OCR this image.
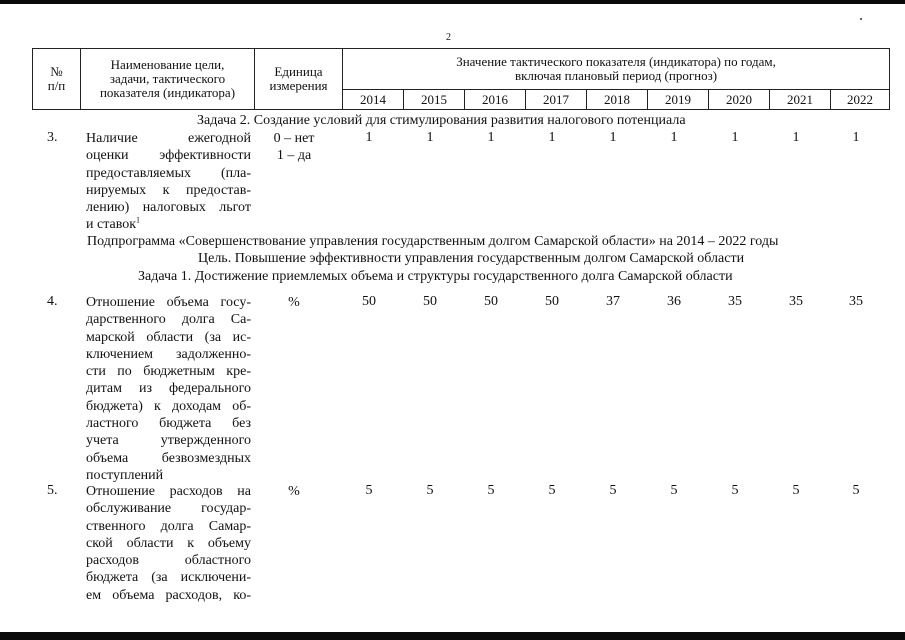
2
№
п/п	Наименование цели, задачи, тактического показателя (индикатора)	Единица измерения	Значение тактического показателя (индикатора) по годам,
включая плановый период (прогноз)								

			2014	2015	2016	2017	2018	2019	2020	2021	2022
Задача 2. Создание условий для стимулирования развития налогового потенциала
3. Наличие ежегодной
оценки эффективности
предоставляемых (пла-
нируемых к предостав-
лению) налоговых льгот
и ставок$^1$
0 – нет
1 – да
1	1	1	1	1	1	1	1	1
Подпрограмма «Совершенствование управления государственным долгом Самарской области» на 2014 – 2022 годы
Цель. Повышение эффективности управления государственным долгом Самарской области
Задача 1. Достижение приемлемых объема и структуры государственного долга Самарской области
4. Отношение объема госу-
дарственного долга Са-
марской области (за ис-
ключением задолженно-
сти по бюджетным кре-
дитам из федерального
бюджета) к доходам об-
ластного бюджета без
учета утвержденного
объема безвозмездных
поступлений
%	50	50	50	50	37	36	35	35	35
5. Отношение расходов на
обслуживание государ-
ственного долга Самар-
ской области к объему
расходов областного
бюджета (за исключени-
ем объема расходов, ко-
%	5	5	5	5	5	5	5	5	5
